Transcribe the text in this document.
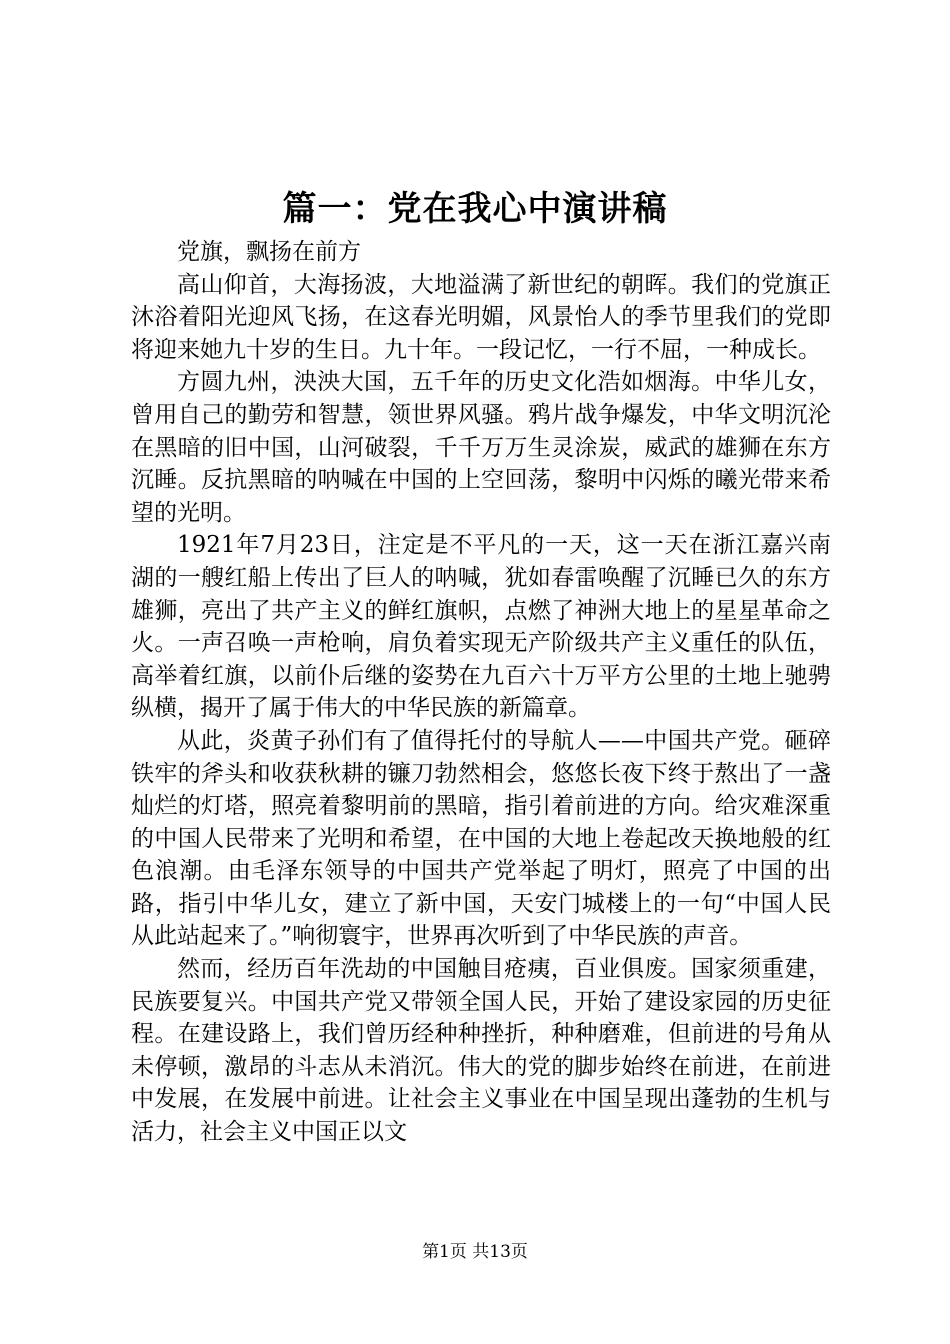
篇一：党在我心中演讲稿

党旗，飘扬在前方

高山仰首，大海扬波，大地溢满了新世纪的朝晖。我们的党旗正沐浴着阳光迎风飞扬，在这春光明媚，风景怡人的季节里我们的党即将迎来她九十岁的生日。九十年。一段记忆，一行不屈，一种成长。

方圆九州，泱泱大国，五千年的历史文化浩如烟海。中华儿女，曾用自己的勤劳和智慧，领世界风骚。鸦片战争爆发，中华文明沉沦在黑暗的旧中国，山河破裂，千千万万生灵涂炭，威武的雄狮在东方沉睡。反抗黑暗的呐喊在中国的上空回荡，黎明中闪烁的曦光带来希望的光明。

1921年7月23日，注定是不平凡的一天，这一天在浙江嘉兴南湖的一艘红船上传出了巨人的呐喊，犹如春雷唤醒了沉睡已久的东方雄狮，亮出了共产主义的鲜红旗帜，点燃了神洲大地上的星星革命之火。一声召唤一声枪响，肩负着实现无产阶级共产主义重任的队伍，高举着红旗，以前仆后继的姿势在九百六十万平方公里的土地上驰骋纵横，揭开了属于伟大的中华民族的新篇章。

从此，炎黄子孙们有了值得托付的导航人——中国共产党。砸碎铁牢的斧头和收获秋耕的镰刀勃然相会，悠悠长夜下终于熬出了一盏灿烂的灯塔，照亮着黎明前的黑暗，指引着前进的方向。给灾难深重的中国人民带来了光明和希望，在中国的大地上卷起改天换地般的红色浪潮。由毛泽东领导的中国共产党举起了明灯，照亮了中国的出路，指引中华儿女，建立了新中国，天安门城楼上的一句“中国人民从此站起来了。”响彻寰宇，世界再次听到了中华民族的声音。

然而，经历百年洗劫的中国触目疮痍，百业俱废。国家须重建，民族要复兴。中国共产党又带领全国人民，开始了建设家园的历史征程。在建设路上，我们曾历经种种挫折，种种磨难，但前进的号角从未停顿，激昂的斗志从未消沉。伟大的党的脚步始终在前进，在前进中发展，在发展中前进。让社会主义事业在中国呈现出蓬勃的生机与活力，社会主义中国正以文

第1页 共13页
